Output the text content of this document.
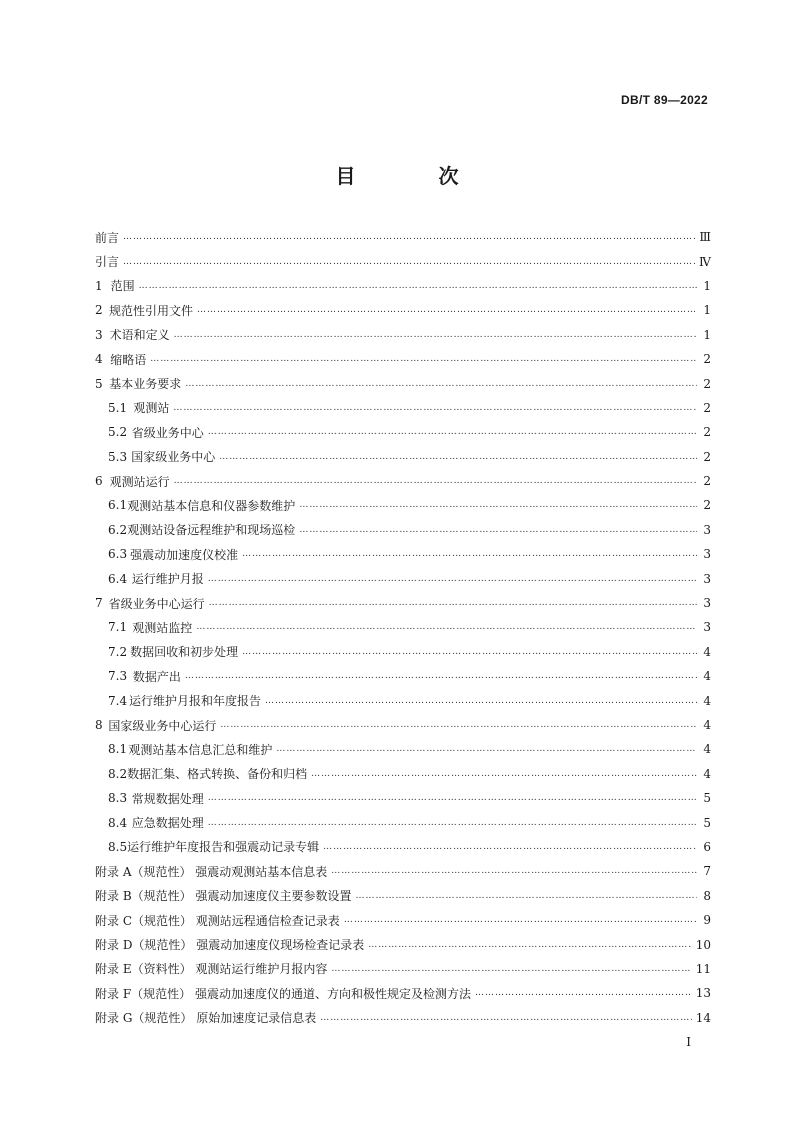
DB/T 89—2022
目 次
前言 ……………………………………………………………………………………………………………………………………………………………………………………	Ⅲ
引言 ……………………………………………………………………………………………………………………………………………………………………………………	Ⅳ
1 范围 ……………………………………………………………………………………………………………………………………………………………………………………	1
2 规范性引用文件 ……………………………………………………………………………………………………………………………………………………………………………………	1
3 术语和定义 ……………………………………………………………………………………………………………………………………………………………………………………	1
4 缩略语 ……………………………………………………………………………………………………………………………………………………………………………………	2
5 基本业务要求 ……………………………………………………………………………………………………………………………………………………………………………………	2
5.1 观测站 ……………………………………………………………………………………………………………………………………………………………………………………	2
5.2 省级业务中心 ……………………………………………………………………………………………………………………………………………………………………………………	2
5.3 国家级业务中心 ……………………………………………………………………………………………………………………………………………………………………………………	2
6 观测站运行 ……………………………………………………………………………………………………………………………………………………………………………………	2
6.1 观测站基本信息和仪器参数维护 ……………………………………………………………………………………………………………………………………………………………………………………	2
6.2 观测站设备远程维护和现场巡检 ……………………………………………………………………………………………………………………………………………………………………………………	3
6.3 强震动加速度仪校准 ……………………………………………………………………………………………………………………………………………………………………………………	3
6.4 运行维护月报 ……………………………………………………………………………………………………………………………………………………………………………………	3
7 省级业务中心运行 ……………………………………………………………………………………………………………………………………………………………………………………	3
7.1 观测站监控 ……………………………………………………………………………………………………………………………………………………………………………………	3
7.2 数据回收和初步处理 ……………………………………………………………………………………………………………………………………………………………………………………	4
7.3 数据产出 ……………………………………………………………………………………………………………………………………………………………………………………	4
7.4 运行维护月报和年度报告 ……………………………………………………………………………………………………………………………………………………………………………………	4
8 国家级业务中心运行 ……………………………………………………………………………………………………………………………………………………………………………………	4
8.1 观测站基本信息汇总和维护 ……………………………………………………………………………………………………………………………………………………………………………………	4
8.2 数据汇集、格式转换、备份和归档 ……………………………………………………………………………………………………………………………………………………………………………………	4
8.3 常规数据处理 ……………………………………………………………………………………………………………………………………………………………………………………	5
8.4 应急数据处理 ……………………………………………………………………………………………………………………………………………………………………………………	5
8.5 运行维护年度报告和强震动记录专辑 ……………………………………………………………………………………………………………………………………………………………………………………	6
附录 A（规范性） 强震动观测站基本信息表 ……………………………………………………………………………………………………………………………………………………………………………………	7
附录 B（规范性） 强震动加速度仪主要参数设置 ……………………………………………………………………………………………………………………………………………………………………………………	8
附录 C（规范性） 观测站远程通信检查记录表 ……………………………………………………………………………………………………………………………………………………………………………………	9
附录 D（规范性） 强震动加速度仪现场检查记录表 ……………………………………………………………………………………………………………………………………………………………………………………	10
附录 E（资料性） 观测站运行维护月报内容 ……………………………………………………………………………………………………………………………………………………………………………………	11
附录 F（规范性） 强震动加速度仪的通道、方向和极性规定及检测方法 ……………………………………………………………………………………………………………………………………………………………………………………	13
附录 G（规范性） 原始加速度记录信息表 ……………………………………………………………………………………………………………………………………………………………………………………	14
I
